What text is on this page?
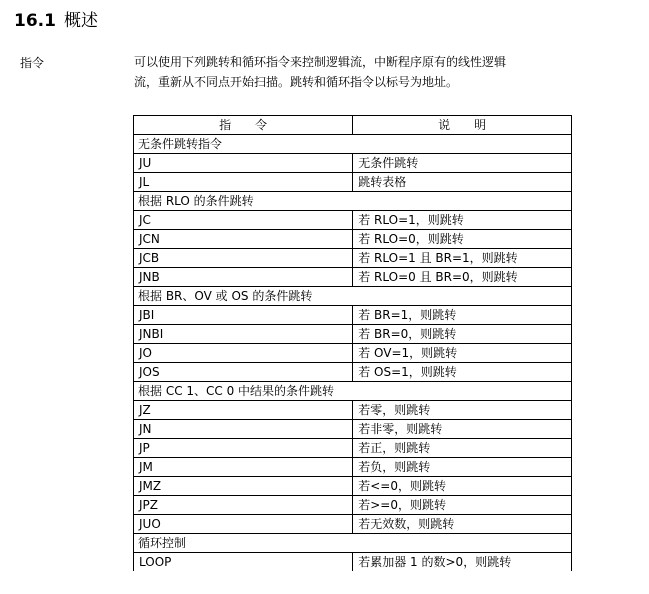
16.1 概述
指令	可以使用下列跳转和循环指令来控制逻辑流，中断程序原有的线性逻辑
流，重新从不同点开始扫描。跳转和循环指令以标号为地址。

指　　令	说　　明
无条件跳转指令	
JU	无条件跳转
JL	跳转表格
根据 RLO 的条件跳转	
JC	若 RLO=1，则跳转
JCN	若 RLO=0，则跳转
JCB	若 RLO=1 且 BR=1，则跳转
JNB	若 RLO=0 且 BR=0，则跳转
根据 BR、OV 或 OS 的条件跳转	
JBI	若 BR=1，则跳转
JNBI	若 BR=0，则跳转
JO	若 OV=1，则跳转
JOS	若 OS=1，则跳转
根据 CC 1、CC 0 中结果的条件跳转	
JZ	若零，则跳转
JN	若非零，则跳转
JP	若正，则跳转
JM	若负，则跳转
JMZ	若<=0，则跳转
JPZ	若>=0，则跳转
JUO	若无效数，则跳转
循环控制	
LOOP	若累加器 1 的数>0，则跳转
